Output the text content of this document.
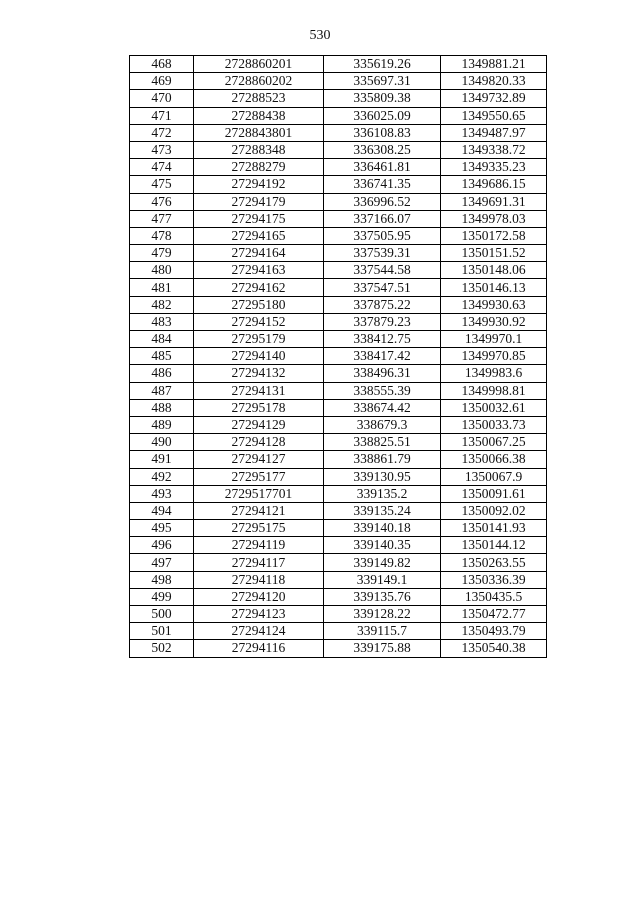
530
468	2728860201	335619.26	1349881.21
469	2728860202	335697.31	1349820.33
470	27288523	335809.38	1349732.89
471	27288438	336025.09	1349550.65
472	2728843801	336108.83	1349487.97
473	27288348	336308.25	1349338.72
474	27288279	336461.81	1349335.23
475	27294192	336741.35	1349686.15
476	27294179	336996.52	1349691.31
477	27294175	337166.07	1349978.03
478	27294165	337505.95	1350172.58
479	27294164	337539.31	1350151.52
480	27294163	337544.58	1350148.06
481	27294162	337547.51	1350146.13
482	27295180	337875.22	1349930.63
483	27294152	337879.23	1349930.92
484	27295179	338412.75	1349970.1
485	27294140	338417.42	1349970.85
486	27294132	338496.31	1349983.6
487	27294131	338555.39	1349998.81
488	27295178	338674.42	1350032.61
489	27294129	338679.3	1350033.73
490	27294128	338825.51	1350067.25
491	27294127	338861.79	1350066.38
492	27295177	339130.95	1350067.9
493	2729517701	339135.2	1350091.61
494	27294121	339135.24	1350092.02
495	27295175	339140.18	1350141.93
496	27294119	339140.35	1350144.12
497	27294117	339149.82	1350263.55
498	27294118	339149.1	1350336.39
499	27294120	339135.76	1350435.5
500	27294123	339128.22	1350472.77
501	27294124	339115.7	1350493.79
502	27294116	339175.88	1350540.38
